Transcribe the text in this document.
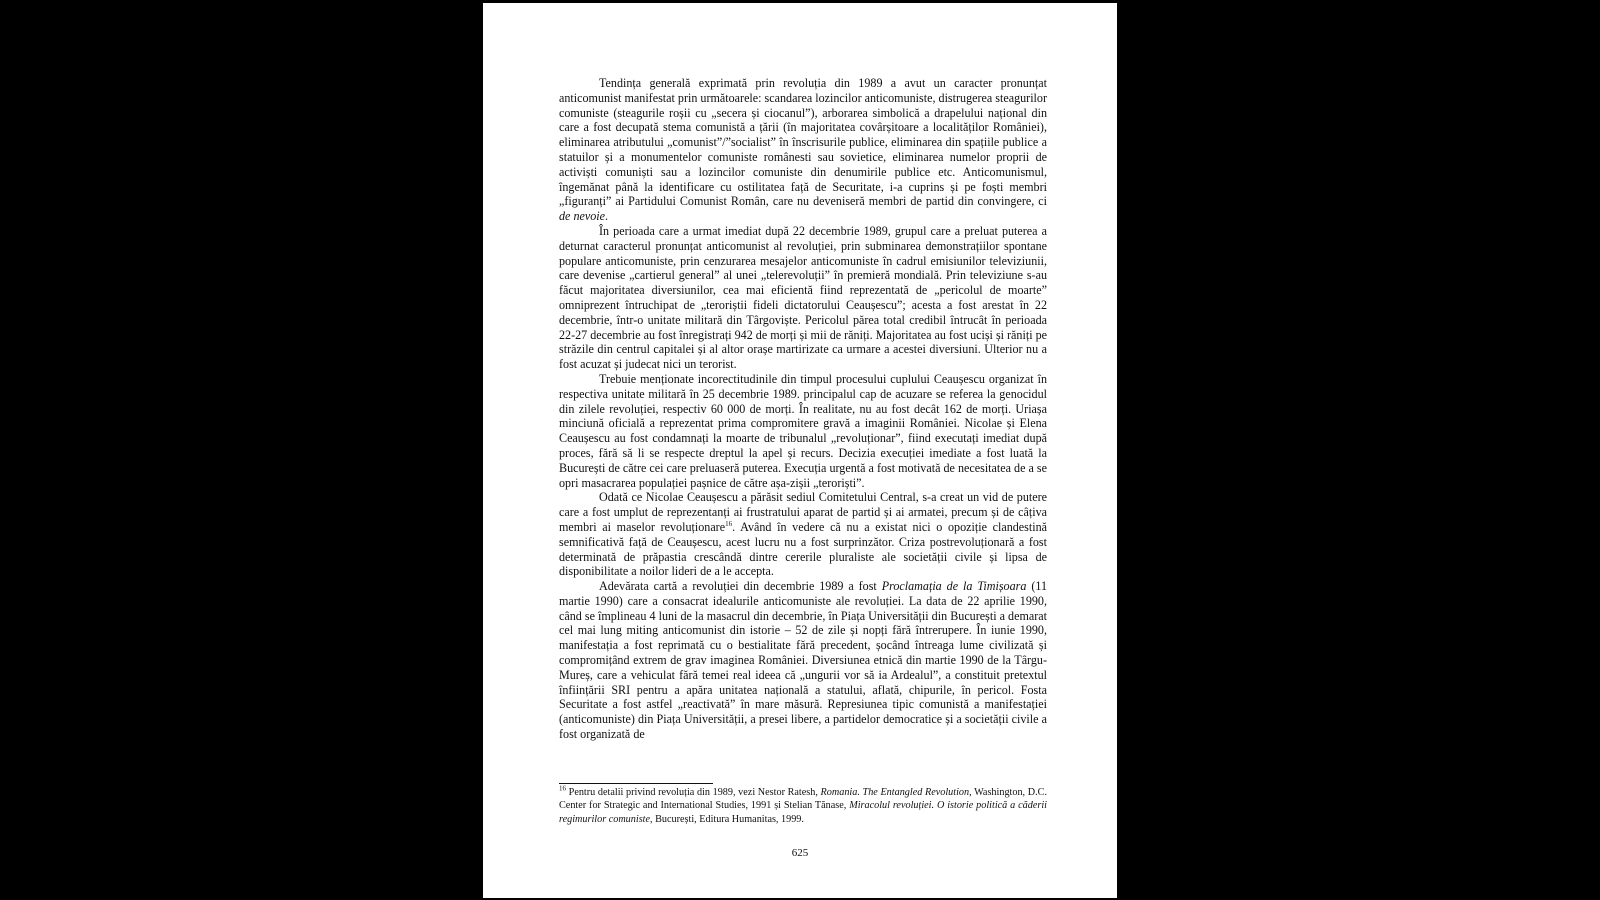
Tendința generală exprimată prin revoluția din 1989 a avut un caracter pronunțat anticomunist manifestat prin următoarele: scandarea lozincilor anticomuniste, distrugerea steagurilor comuniste (steagurile roșii cu „secera și ciocanul”), arborarea simbolică a drapelului național din care a fost decupată stema comunistă a țării (în majoritatea covârșitoare a localităților României), eliminarea atributului „comunist”/”socialist” în înscrisurile publice, eliminarea din spațiile publice a statuilor și a monumentelor comuniste românesti sau sovietice, eliminarea numelor proprii de activiști comuniști sau a lozincilor comuniste din denumirile publice etc. Anticomunismul, îngemănat până la identificare cu ostilitatea față de Securitate, i-a cuprins și pe foști membri „figuranți” ai Partidului Comunist Român, care nu deveniseră membri de partid din convingere, ci de nevoie.

În perioada care a urmat imediat după 22 decembrie 1989, grupul care a preluat puterea a deturnat caracterul pronunțat anticomunist al revoluției, prin subminarea demonstrațiilor spontane populare anticomuniste, prin cenzurarea mesajelor anticomuniste în cadrul emisiunilor televiziunii, care devenise „cartierul general” al unei „telerevoluții” în premieră mondială. Prin televiziune s-au făcut majoritatea diversiunilor, cea mai eficientă fiind reprezentată de „pericolul de moarte” omniprezent întruchipat de „teroriștii fideli dictatorului Ceaușescu”; acesta a fost arestat în 22 decembrie, într-o unitate militară din Târgoviște. Pericolul părea total credibil întrucât în perioada 22-27 decembrie au fost înregistrați 942 de morți și mii de răniți. Majoritatea au fost uciși și răniți pe străzile din centrul capitalei și al altor orașe martirizate ca urmare a acestei diversiuni. Ulterior nu a fost acuzat și judecat nici un terorist.

Trebuie menționate incorectitudinile din timpul procesului cuplului Ceaușescu organizat în respectiva unitate militară în 25 decembrie 1989. principalul cap de acuzare se referea la genocidul din zilele revoluției, respectiv 60 000 de morți. În realitate, nu au fost decât 162 de morți. Uriașa minciună oficială a reprezentat prima compromitere gravă a imaginii României. Nicolae și Elena Ceaușescu au fost condamnați la moarte de tribunalul „revoluționar”, fiind executați imediat după proces, fără să li se respecte dreptul la apel și recurs. Decizia execuției imediate a fost luată la București de către cei care preluaseră puterea. Execuția urgentă a fost motivată de necesitatea de a se opri masacrarea populației pașnice de către așa-zișii „teroriști”.

Odată ce Nicolae Ceaușescu a părăsit sediul Comitetului Central, s-a creat un vid de putere care a fost umplut de reprezentanți ai frustratului aparat de partid și ai armatei, precum și de câțiva membri ai maselor revoluționare$^{16}$. Având în vedere că nu a existat nici o opoziție clandestină semnificativă față de Ceaușescu, acest lucru nu a fost surprinzător. Criza postrevoluționară a fost determinată de prăpastia crescândă dintre cererile pluraliste ale societății civile și lipsa de disponibilitate a noilor lideri de a le accepta.

Adevărata cartă a revoluției din decembrie 1989 a fost Proclamația de la Timișoara (11 martie 1990) care a consacrat idealurile anticomuniste ale revoluției. La data de 22 aprilie 1990, când se împlineau 4 luni de la masacrul din decembrie, în Piața Universității din București a demarat cel mai lung miting anticomunist din istorie – 52 de zile și nopți fără întrerupere. În iunie 1990, manifestația a fost reprimată cu o bestialitate fără precedent, șocând întreaga lume civilizată și compromițând extrem de grav imaginea României. Diversiunea etnică din martie 1990 de la Târgu-Mureș, care a vehiculat fără temei real ideea că „ungurii vor să ia Ardealul”, a constituit pretextul înființării SRI pentru a apăra unitatea națională a statului, aflată, chipurile, în pericol. Fosta Securitate a fost astfel „reactivată” în mare măsură. Represiunea tipic comunistă a manifestației (anticomuniste) din Piața Universității, a presei libere, a partidelor democratice și a societății civile a fost organizată de

$^{16}$ Pentru detalii privind revoluția din 1989, vezi Nestor Ratesh, Romania. The Entangled Revolution, Washington, D.C. Center for Strategic and International Studies, 1991 și Stelian Tănase, Miracolul revoluției. O istorie politică a căderii regimurilor comuniste, București, Editura Humanitas, 1999.
625
